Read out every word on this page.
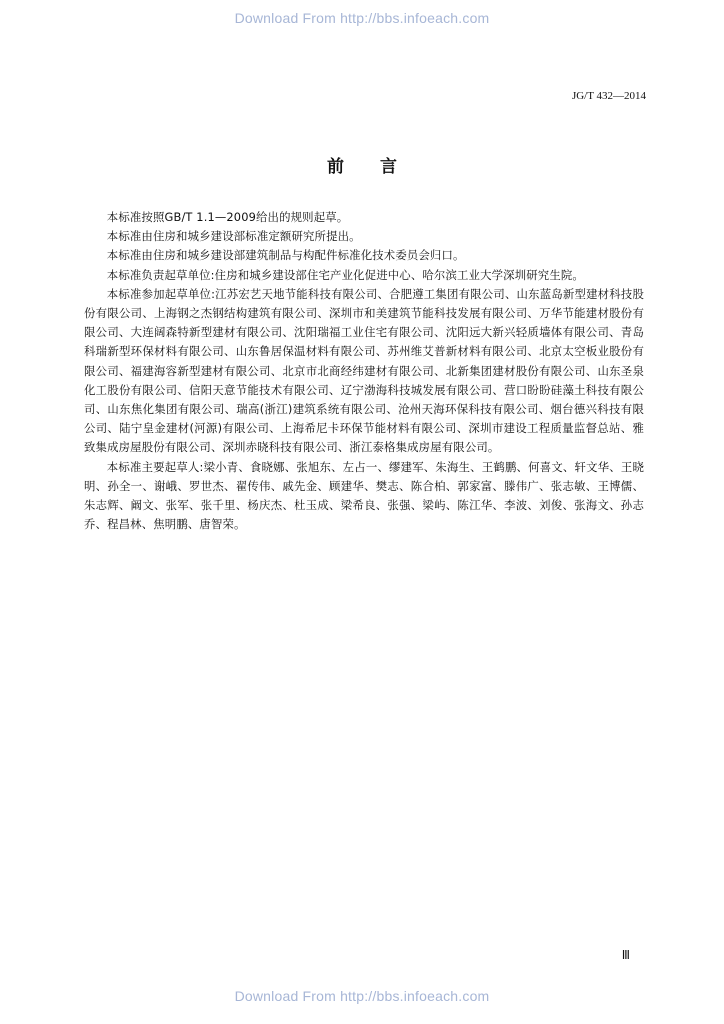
Download From http://bbs.infoeach.com
JG/T 432—2014
前言

本标准按照GB/T 1.1—2009给出的规则起草。

本标准由住房和城乡建设部标准定额研究所提出。

本标准由住房和城乡建设部建筑制品与构配件标准化技术委员会归口。

本标准负责起草单位:住房和城乡建设部住宅产业化促进中心、哈尔滨工业大学深圳研究生院。

本标准参加起草单位:江苏宏艺天地节能科技有限公司、合肥遵工集团有限公司、山东蓝岛新型建材科技股份有限公司、上海钢之杰钢结构建筑有限公司、深圳市和美建筑节能科技发展有限公司、万华节能建材股份有限公司、大连阔森特新型建材有限公司、沈阳瑞福工业住宅有限公司、沈阳远大新兴轻质墙体有限公司、青岛科瑞新型环保材料有限公司、山东鲁居保温材料有限公司、苏州维艾普新材料有限公司、北京太空板业股份有限公司、福建海容新型建材有限公司、北京市北商经纬建材有限公司、北新集团建材股份有限公司、山东圣泉化工股份有限公司、信阳天意节能技术有限公司、辽宁渤海科技城发展有限公司、营口盼盼硅藻土科技有限公司、山东焦化集团有限公司、瑞高(浙江)建筑系统有限公司、沧州天海环保科技有限公司、烟台德兴科技有限公司、陆宁皇金建材(河源)有限公司、上海希尼卡环保节能材料有限公司、深圳市建设工程质量监督总站、雅致集成房屋股份有限公司、深圳赤晓科技有限公司、浙江泰格集成房屋有限公司。

本标准主要起草人:梁小青、食晓娜、张旭东、左占一、缪建军、朱海生、王鹤鹏、何喜文、轩文华、王晓明、孙全一、谢峨、罗世杰、翟传伟、戚先金、顾建华、樊志、陈合柏、郭家富、滕伟广、张志敏、王博儒、朱志辉、阚文、张军、张千里、杨庆杰、杜玉成、梁希良、张强、梁屿、陈江华、李波、刘俊、张海文、孙志乔、程昌林、焦明鹏、唐智荣。

Ⅲ
Download From http://bbs.infoeach.com
